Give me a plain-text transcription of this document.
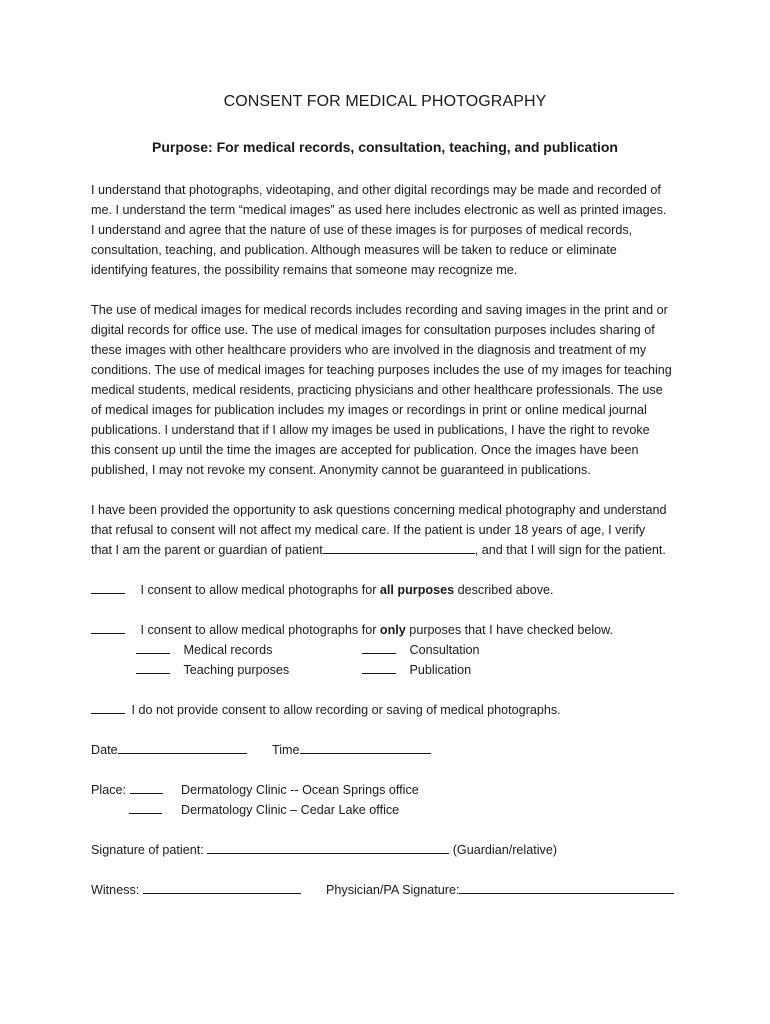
CONSENT FOR MEDICAL PHOTOGRAPHY
Purpose: For medical records, consultation, teaching, and publication

I understand that photographs, videotaping, and other digital recordings may be made and recorded of
me. I understand the term “medical images” as used here includes electronic as well as printed images.
I understand and agree that the nature of use of these images is for purposes of medical records,
consultation, teaching, and publication. Although measures will be taken to reduce or eliminate
identifying features, the possibility remains that someone may recognize me.

The use of medical images for medical records includes recording and saving images in the print and or
digital records for office use. The use of medical images for consultation purposes includes sharing of
these images with other healthcare providers who are involved in the diagnosis and treatment of my
conditions. The use of medical images for teaching purposes includes the use of my images for teaching
medical students, medical residents, practicing physicians and other healthcare professionals. The use
of medical images for publication includes my images or recordings in print or online medical journal
publications. I understand that if I allow my images be used in publications, I have the right to revoke
this consent up until the time the images are accepted for publication. Once the images have been
published, I may not revoke my consent. Anonymity cannot be guaranteed in publications.

I have been provided the opportunity to ask questions concerning medical photography and understand
that refusal to consent will not affect my medical care. If the patient is under 18 years of age, I verify
that I am the parent or guardian of patient	, and that I will sign for the patient.

I consent to allow medical photographs for all purposes described above.
I consent to allow medical photographs for only purposes that I have checked below.
Medical records	Consultation
Teaching purposes	Publication
I do not provide consent to allow recording or saving of medical photographs.
Date	Time
Place:	Dermatology Clinic -- Ocean Springs office
Dermatology Clinic – Cedar Lake office
Signature of patient:	(Guardian/relative)
Witness:	Physician/PA Signature:
